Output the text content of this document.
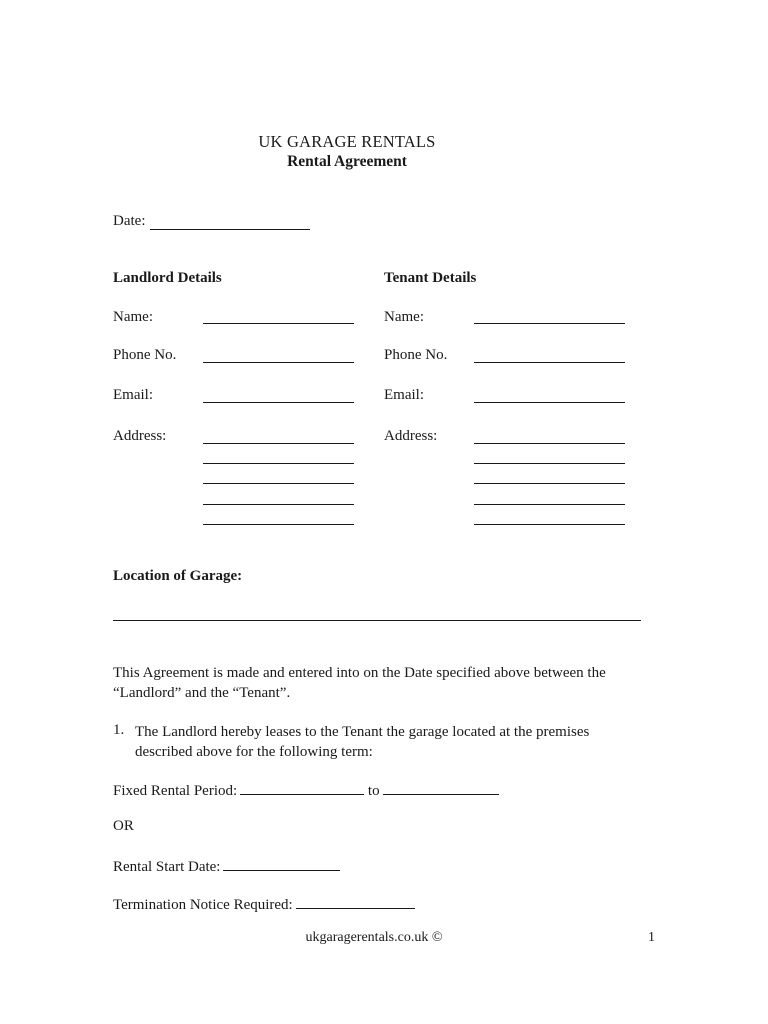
UK GARAGE RENTALS
Rental Agreement
Date:
Landlord Details
Name:
Phone No.
Email:
Address:
Tenant Details
Name:
Phone No.
Email:
Address:
Location of Garage:
This Agreement is made and entered into on the Date specified above between the “Landlord” and the “Tenant”.
1. The Landlord hereby leases to the Tenant the garage located at the premises described above for the following term:
Fixed Rental Period:	to
OR
Rental Start Date:
Termination Notice Required:
ukgaragerentals.co.uk ©	1
